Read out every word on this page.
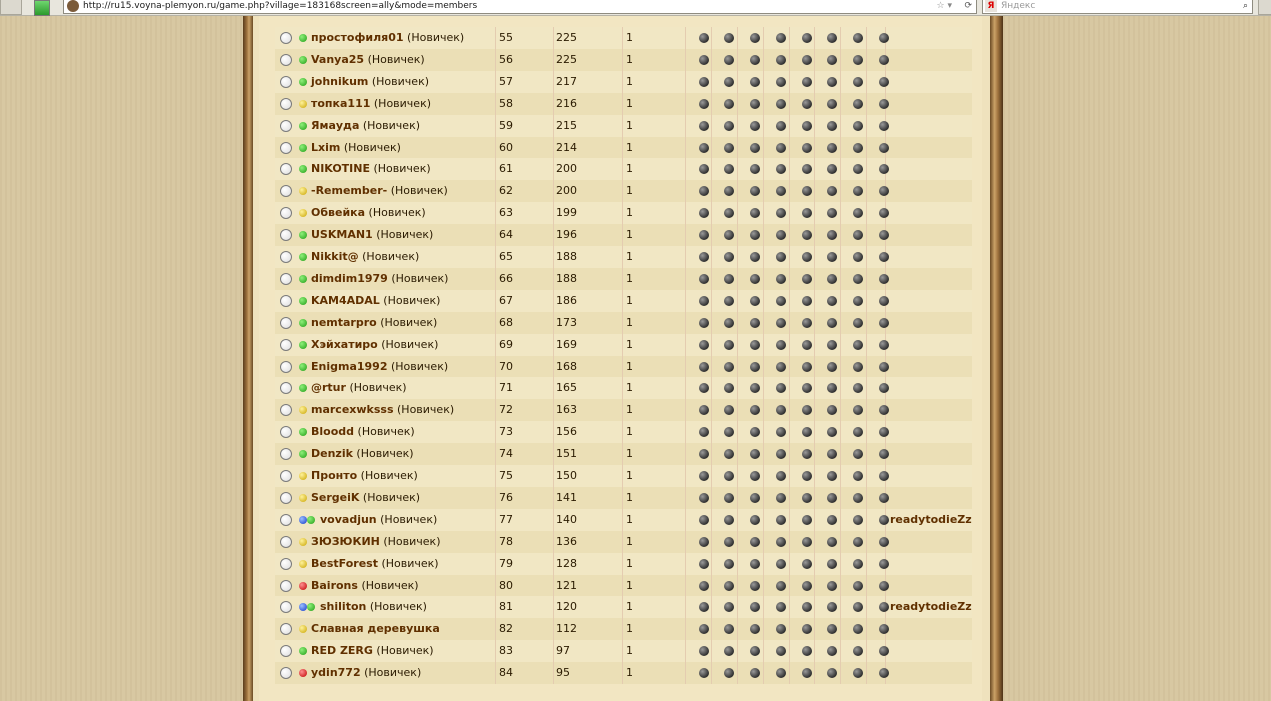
http://ru15.voyna-plemyon.ru/game.php?village=183168screen=ally&mode=members	☆ ▾ ⟳	Я Яндекс	⌕
простофиля01 (Новичек)	55	225	1
Vanya25 (Новичек)	56	225	1
johnikum (Новичек)	57	217	1
топка111 (Новичек)	58	216	1
Ямауда (Новичек)	59	215	1
Lxim (Новичек)	60	214	1
NIKOTINE (Новичек)	61	200	1
-Remember- (Новичек)	62	200	1
Обвейка (Новичек)	63	199	1
USKMAN1 (Новичек)	64	196	1
Nikkit@ (Новичек)	65	188	1
dimdim1979 (Новичек)	66	188	1
KAM4ADAL (Новичек)	67	186	1
nemtarpro (Новичек)	68	173	1
Хэйхатиро (Новичек)	69	169	1
Enigma1992 (Новичек)	70	168	1
@rtur (Новичек)	71	165	1
marcexwksss (Новичек)	72	163	1
Bloodd (Новичек)	73	156	1
Denzik (Новичек)	74	151	1
Пронто (Новичек)	75	150	1
SergeiK (Новичек)	76	141	1
vovadjun (Новичек)	77	140	1	readytodieZz
ЗЮЗЮКИН (Новичек)	78	136	1
BestForest (Новичек)	79	128	1
Bairons (Новичек)	80	121	1
shiliton (Новичек)	81	120	1	readytodieZz
Славная деревушка	82	112	1
RED ZERG (Новичек)	83	97	1
ydin772 (Новичек)	84	95	1
